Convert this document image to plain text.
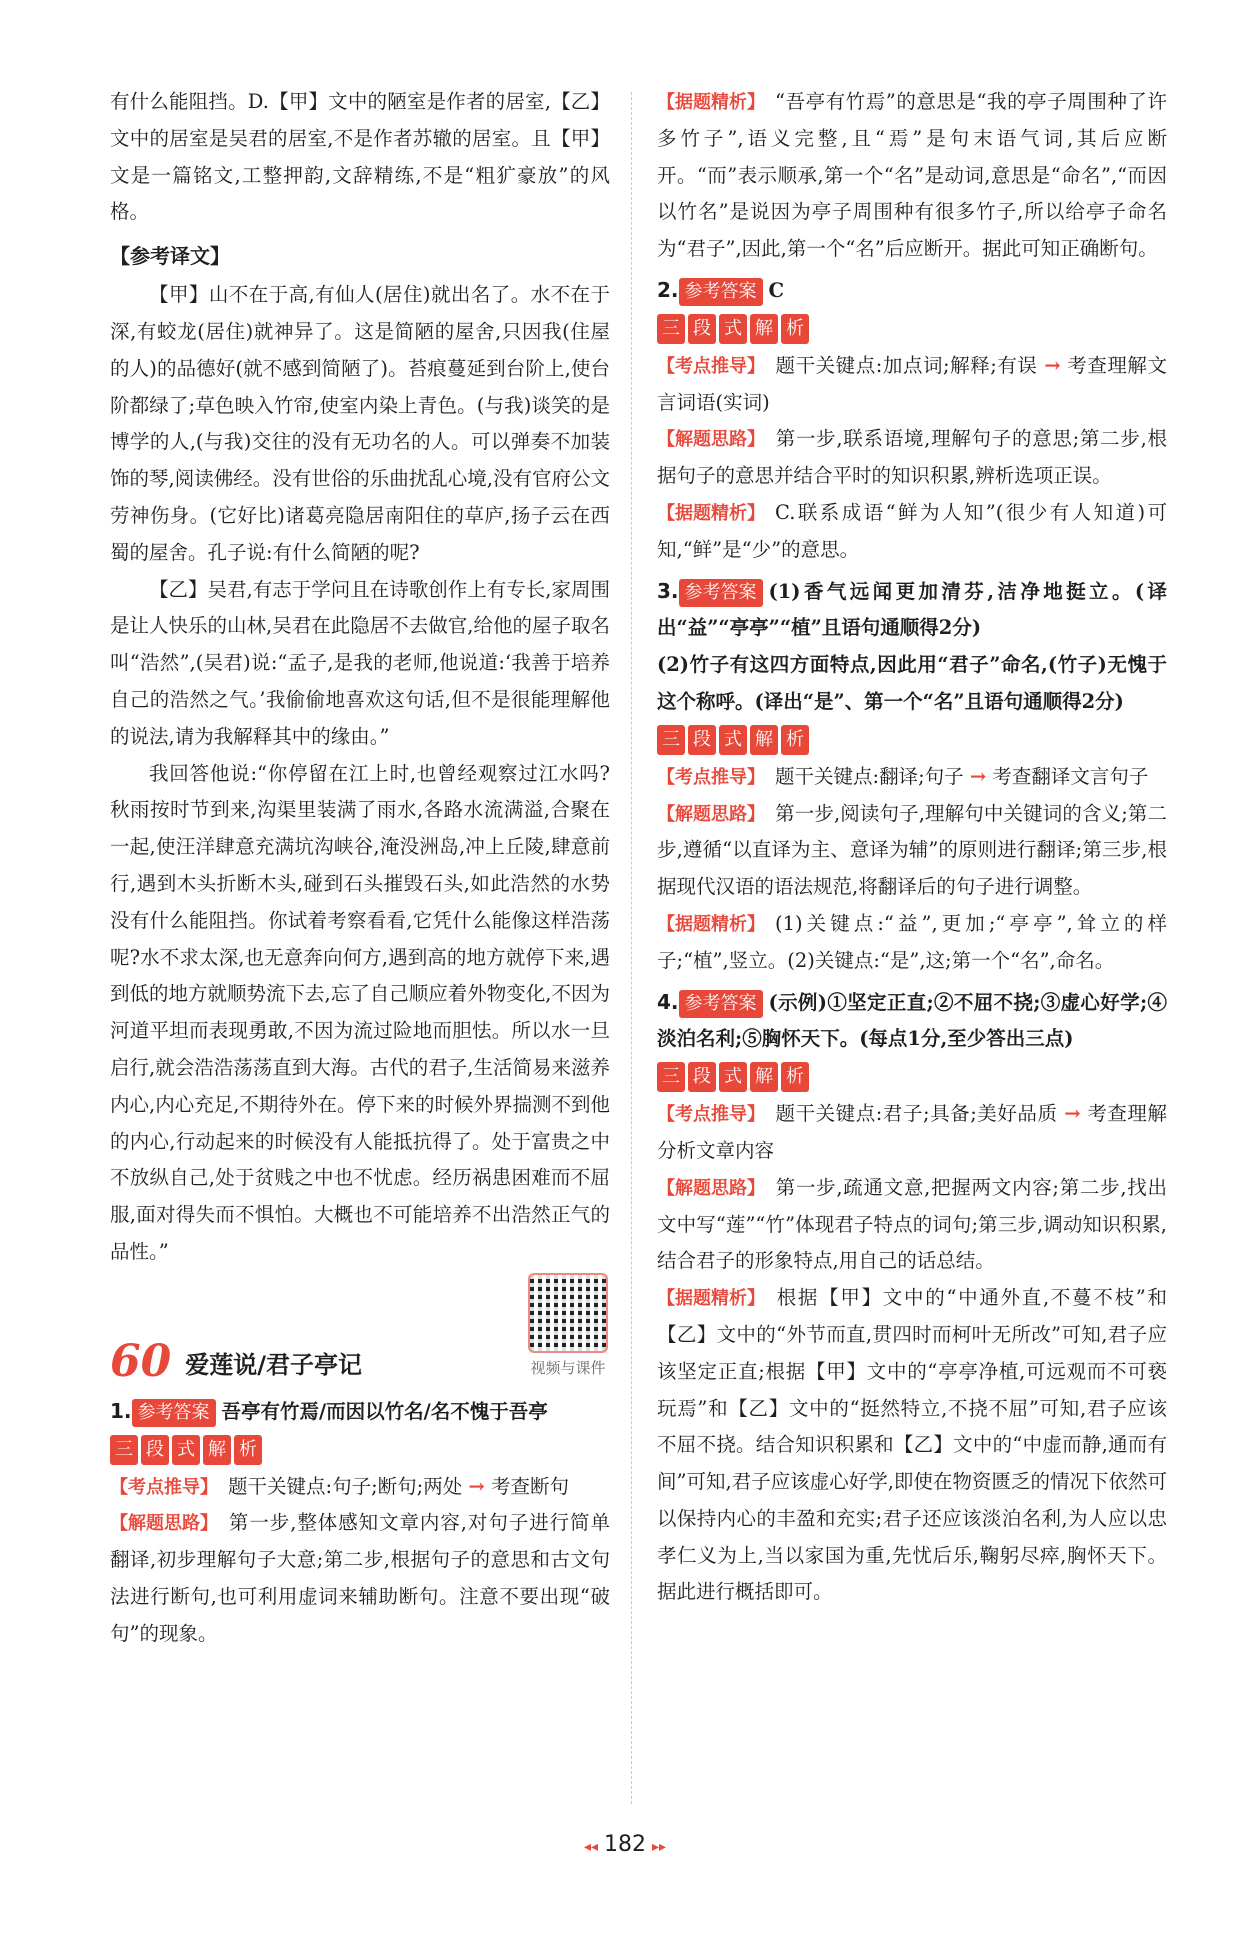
有什么能阻挡。D.【甲】文中的陋室是作者的居室,【乙】文中的居室是吴君的居室,不是作者苏辙的居室。且【甲】文是一篇铭文,工整押韵,文辞精练,不是“粗犷豪放”的风格。

【参考译文】

【甲】山不在于高,有仙人(居住)就出名了。水不在于深,有蛟龙(居住)就神异了。这是简陋的屋舍,只因我(住屋的人)的品德好(就不感到简陋了)。苔痕蔓延到台阶上,使台阶都绿了;草色映入竹帘,使室内染上青色。(与我)谈笑的是博学的人,(与我)交往的没有无功名的人。可以弹奏不加装饰的琴,阅读佛经。没有世俗的乐曲扰乱心境,没有官府公文劳神伤身。(它好比)诸葛亮隐居南阳住的草庐,扬子云在西蜀的屋舍。孔子说:有什么简陋的呢?

【乙】吴君,有志于学问且在诗歌创作上有专长,家周围是让人快乐的山林,吴君在此隐居不去做官,给他的屋子取名叫“浩然”,(吴君)说:“孟子,是我的老师,他说道:‘我善于培养自己的浩然之气。’我偷偷地喜欢这句话,但不是很能理解他的说法,请为我解释其中的缘由。”

我回答他说:“你停留在江上时,也曾经观察过江水吗?秋雨按时节到来,沟渠里装满了雨水,各路水流满溢,合聚在一起,使汪洋肆意充满坑沟峡谷,淹没洲岛,冲上丘陵,肆意前行,遇到木头折断木头,碰到石头摧毁石头,如此浩然的水势没有什么能阻挡。你试着考察看看,它凭什么能像这样浩荡呢?水不求太深,也无意奔向何方,遇到高的地方就停下来,遇到低的地方就顺势流下去,忘了自己顺应着外物变化,不因为河道平坦而表现勇敢,不因为流过险地而胆怯。所以水一旦启行,就会浩浩荡荡直到大海。古代的君子,生活简易来滋养内心,内心充足,不期待外在。停下来的时候外界揣测不到他的内心,行动起来的时候没有人能抵抗得了。处于富贵之中不放纵自己,处于贫贱之中也不忧虑。经历祸患困难而不屈服,面对得失而不惧怕。大概也不可能培养不出浩然正气的品性。”

60 爱莲说/君子亭记	视频与课件

1. 参考答案 吾亭有竹焉/而因以竹名/名不愧于吾亭

三 段 式 解 析

【考点推导】 题干关键点:句子;断句;两处 → 考查断句

【解题思路】 第一步,整体感知文章内容,对句子进行简单翻译,初步理解句子大意;第二步,根据句子的意思和古文句法进行断句,也可利用虚词来辅助断句。注意不要出现“破句”的现象。

【据题精析】 “吾亭有竹焉”的意思是“我的亭子周围种了许多竹子”,语义完整,且“焉”是句末语气词,其后应断开。“而”表示顺承,第一个“名”是动词,意思是“命名”,“而因以竹名”是说因为亭子周围种有很多竹子,所以给亭子命名为“君子”,因此,第一个“名”后应断开。据此可知正确断句。

2. 参考答案 C

三 段 式 解 析

【考点推导】 题干关键点:加点词;解释;有误 → 考查理解文言词语(实词)

【解题思路】 第一步,联系语境,理解句子的意思;第二步,根据句子的意思并结合平时的知识积累,辨析选项正误。

【据题精析】 C.联系成语“鲜为人知”(很少有人知道)可知,“鲜”是“少”的意思。

3. 参考答案 (1)香气远闻更加清芬,洁净地挺立。(译出“益”“亭亭”“植”且语句通顺得2分)

(2)竹子有这四方面特点,因此用“君子”命名,(竹子)无愧于这个称呼。(译出“是”、第一个“名”且语句通顺得2分)

三 段 式 解 析

【考点推导】 题干关键点:翻译;句子 → 考查翻译文言句子

【解题思路】 第一步,阅读句子,理解句中关键词的含义;第二步,遵循“以直译为主、意译为辅”的原则进行翻译;第三步,根据现代汉语的语法规范,将翻译后的句子进行调整。

【据题精析】 (1)关键点:“益”,更加;“亭亭”,耸立的样子;“植”,竖立。(2)关键点:“是”,这;第一个“名”,命名。

4. 参考答案 (示例)①坚定正直;②不屈不挠;③虚心好学;④淡泊名利;⑤胸怀天下。(每点1分,至少答出三点)

三 段 式 解 析

【考点推导】 题干关键点:君子;具备;美好品质 → 考查理解分析文章内容

【解题思路】 第一步,疏通文意,把握两文内容;第二步,找出文中写“莲”“竹”体现君子特点的词句;第三步,调动知识积累,结合君子的形象特点,用自己的话总结。

【据题精析】 根据【甲】文中的“中通外直,不蔓不枝”和【乙】文中的“外节而直,贯四时而柯叶无所改”可知,君子应该坚定正直;根据【甲】文中的“亭亭净植,可远观而不可亵玩焉”和【乙】文中的“挺然特立,不挠不屈”可知,君子应该不屈不挠。结合知识积累和【乙】文中的“中虚而静,通而有间”可知,君子应该虚心好学,即使在物资匮乏的情况下依然可以保持内心的丰盈和充实;君子还应该淡泊名利,为人应以忠孝仁义为上,当以家国为重,先忧后乐,鞠躬尽瘁,胸怀天下。据此进行概括即可。

◂◂ 182 ▸▸
